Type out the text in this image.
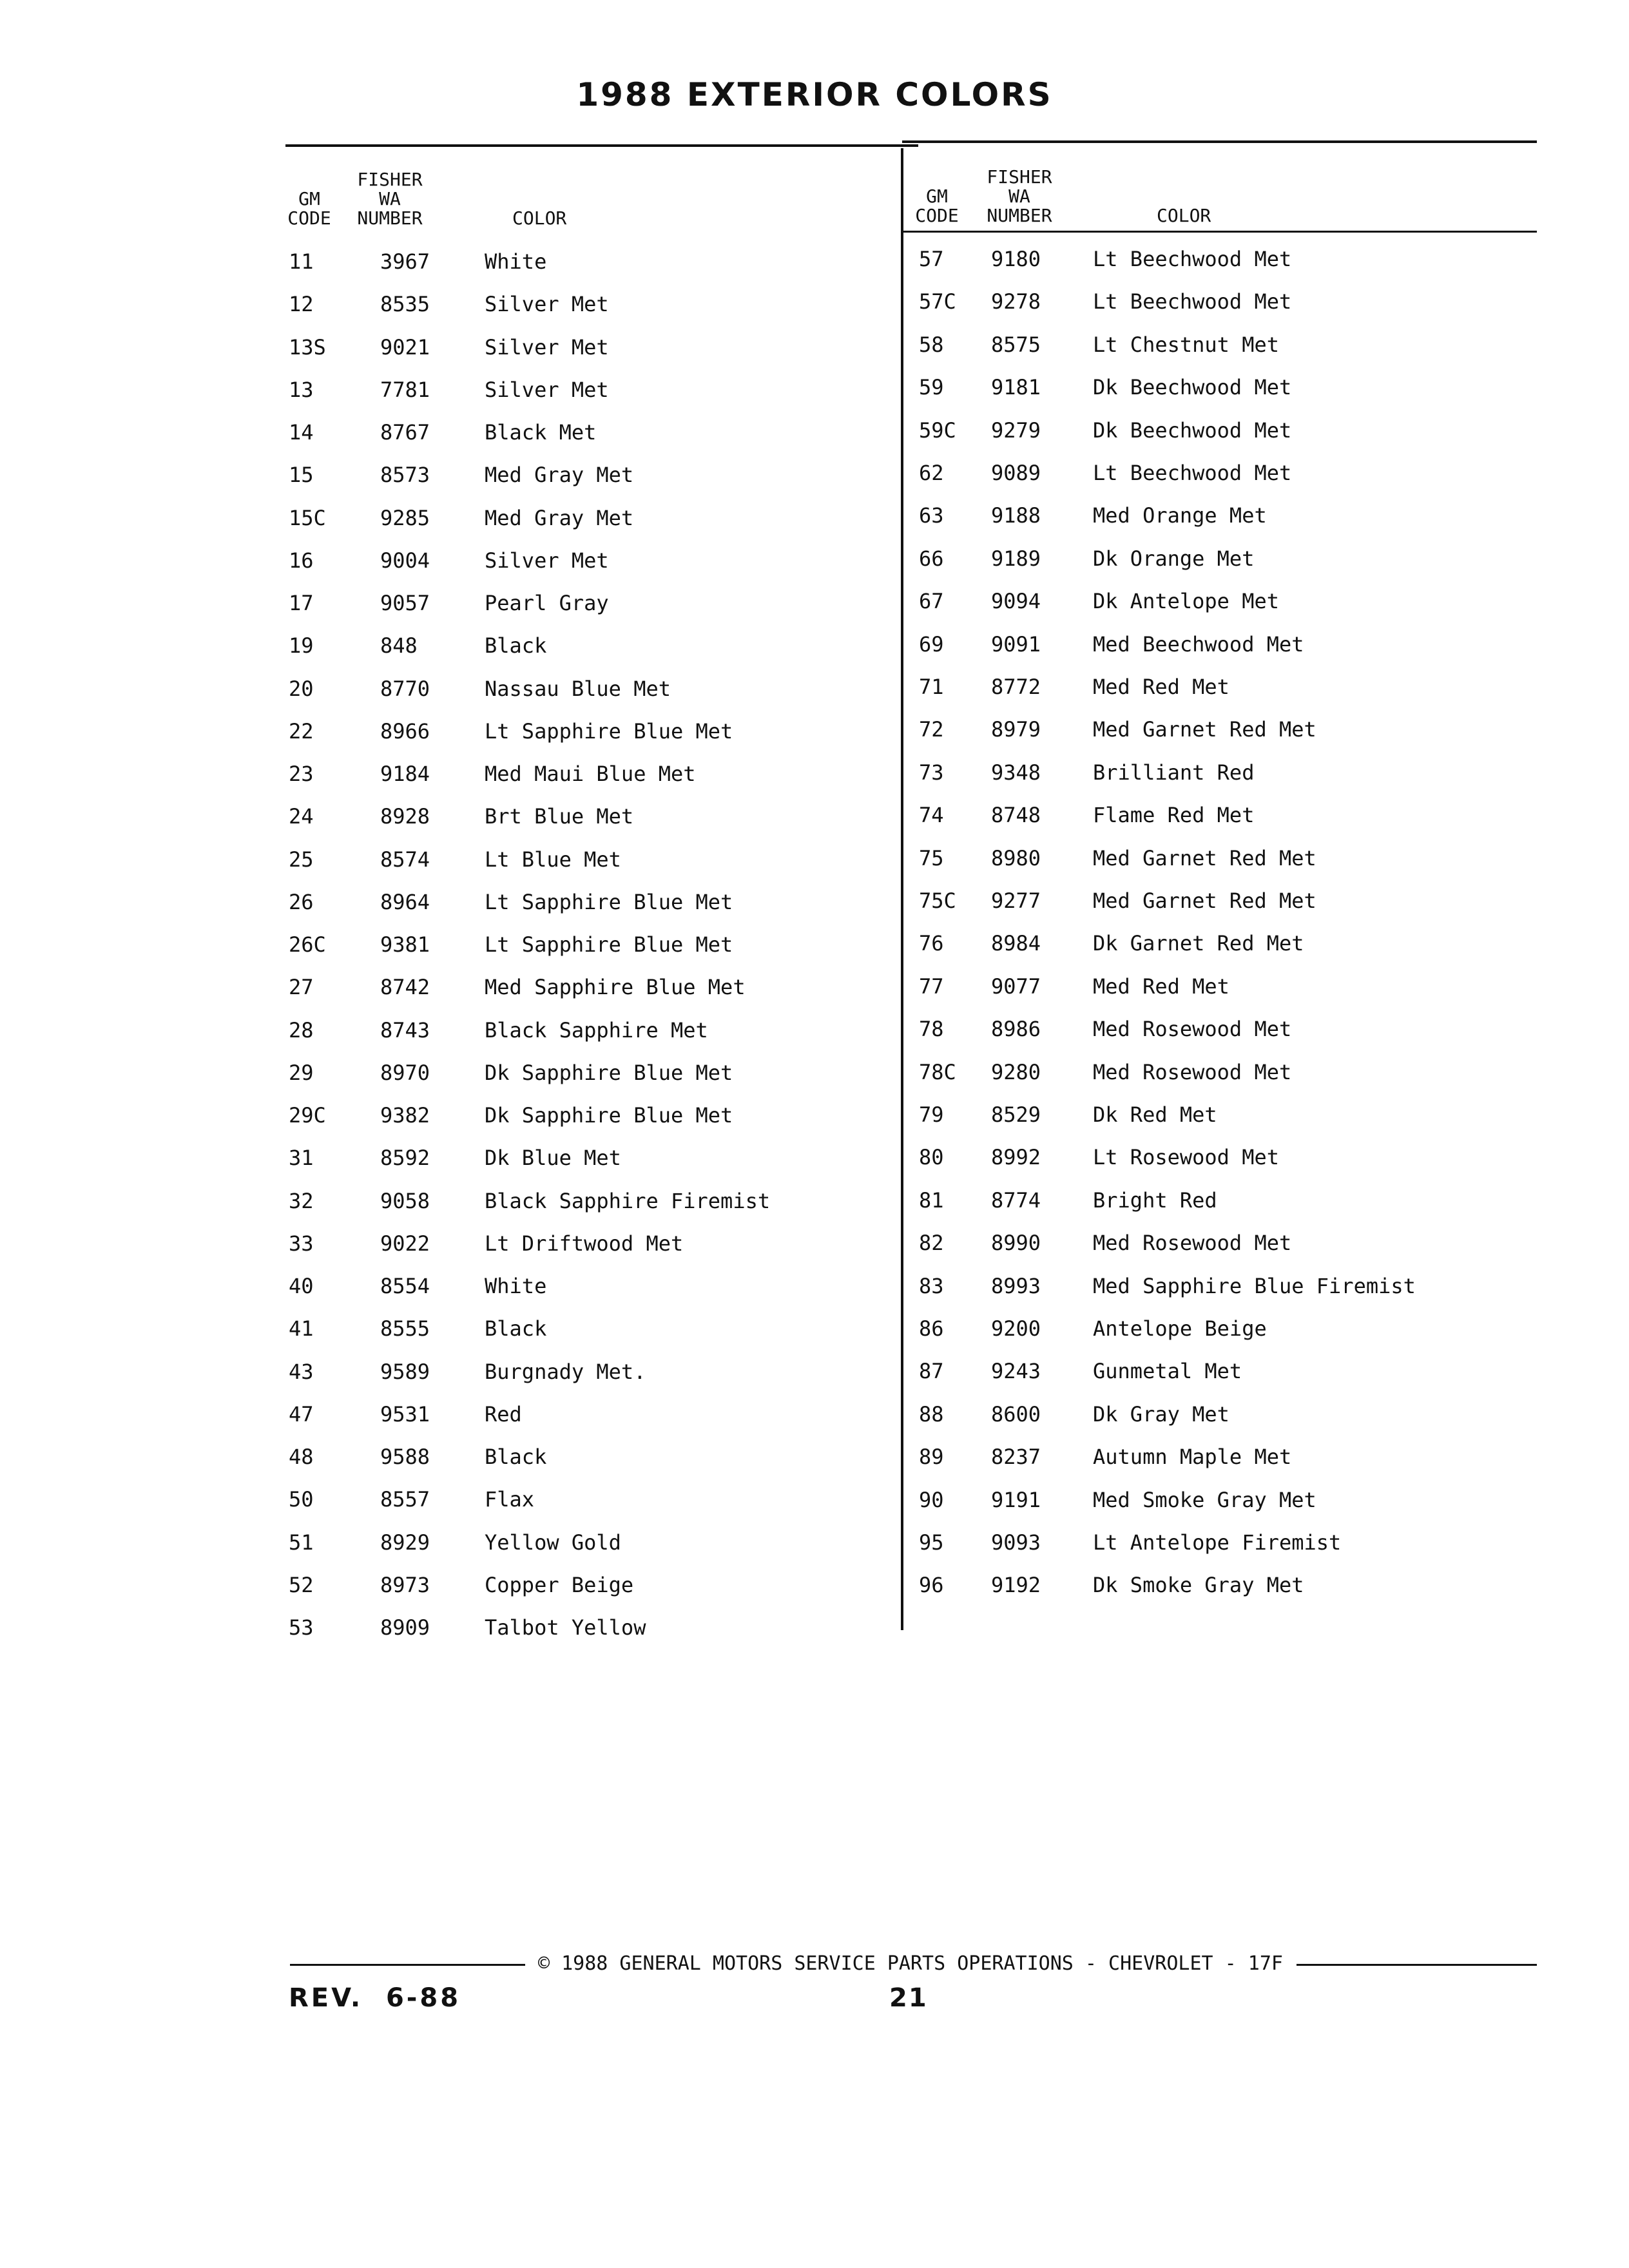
1988 EXTERIOR COLORS
GM
CODE
FISHER
WA
NUMBER	COLOR
GM
CODE
FISHER
WA
NUMBER	COLOR
11	3967	White
12	8535	Silver Met
13S	9021	Silver Met
13	7781	Silver Met
14	8767	Black Met
15	8573	Med Gray Met
15C	9285	Med Gray Met
16	9004	Silver Met
17	9057	Pearl Gray
19	848	Black
20	8770	Nassau Blue Met
22	8966	Lt Sapphire Blue Met
23	9184	Med Maui Blue Met
24	8928	Brt Blue Met
25	8574	Lt Blue Met
26	8964	Lt Sapphire Blue Met
26C	9381	Lt Sapphire Blue Met
27	8742	Med Sapphire Blue Met
28	8743	Black Sapphire Met
29	8970	Dk Sapphire Blue Met
29C	9382	Dk Sapphire Blue Met
31	8592	Dk Blue Met
32	9058	Black Sapphire Firemist
33	9022	Lt Driftwood Met
40	8554	White
41	8555	Black
43	9589	Burgnady Met.
47	9531	Red
48	9588	Black
50	8557	Flax
51	8929	Yellow Gold
52	8973	Copper Beige
53	8909	Talbot Yellow
57 9180	Lt Beechwood Met
57C 9278	Lt Beechwood Met
58 8575	Lt Chestnut Met
59 9181	Dk Beechwood Met
59C 9279	Dk Beechwood Met
62 9089	Lt Beechwood Met
63 9188	Med Orange Met
66 9189	Dk Orange Met
67 9094	Dk Antelope Met
69 9091	Med Beechwood Met
71 8772	Med Red Met
72 8979	Med Garnet Red Met
73 9348	Brilliant Red
74 8748	Flame Red Met
75 8980	Med Garnet Red Met
75C 9277	Med Garnet Red Met
76 8984	Dk Garnet Red Met
77 9077	Med Red Met
78 8986	Med Rosewood Met
78C 9280	Med Rosewood Met
79 8529	Dk Red Met
80 8992	Lt Rosewood Met
81 8774	Bright Red
82 8990	Med Rosewood Met
83 8993	Med Sapphire Blue Firemist
86 9200	Antelope Beige
87 9243	Gunmetal Met
88 8600	Dk Gray Met
89 8237	Autumn Maple Met
90 9191	Med Smoke Gray Met
95 9093	Lt Antelope Firemist
96 9192	Dk Smoke Gray Met
© 1988 GENERAL MOTORS SERVICE PARTS OPERATIONS - CHEVROLET - 17F
REV.  6-88	21
